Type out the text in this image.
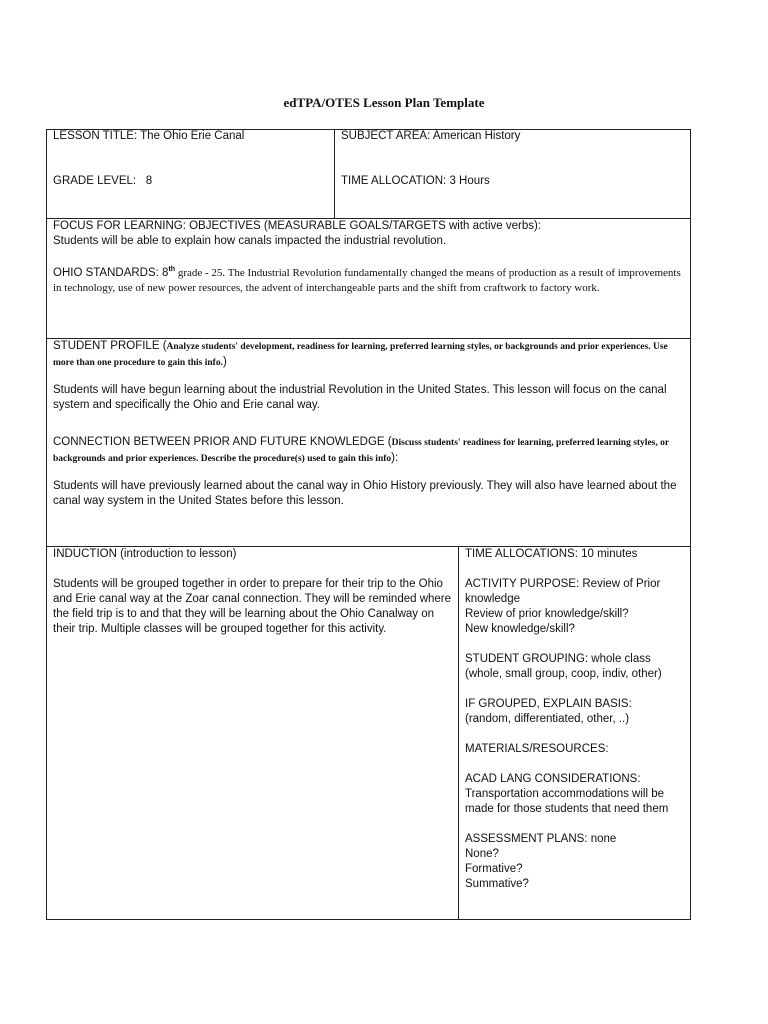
edTPA/OTES Lesson Plan Template
LESSON TITLE: The Ohio Erie Canal
GRADE LEVEL: 8
SUBJECT AREA: American History
TIME ALLOCATION: 3 Hours

FOCUS FOR LEARNING: OBJECTIVES (MEASURABLE GOALS/TARGETS with active verbs):

Students will be able to explain how canals impacted the industrial revolution.

OHIO STANDARDS: 8th grade - 25. The Industrial Revolution fundamentally changed the means of production as a result of improvements in technology, use of new power resources, the advent of interchangeable parts and the shift from craftwork to factory work.

STUDENT PROFILE (Analyze students' development, readiness for learning, preferred learning styles, or backgrounds and prior experiences. Use more than one procedure to gain this info.)

Students will have begun learning about the industrial Revolution in the United States. This lesson will focus on the canal system and specifically the Ohio and Erie canal way.

CONNECTION BETWEEN PRIOR AND FUTURE KNOWLEDGE (Discuss students' readiness for learning, preferred learning styles, or backgrounds and prior experiences. Describe the procedure(s) used to gain this info):

Students will have previously learned about the canal way in Ohio History previously. They will also have learned about the canal way system in the United States before this lesson.

INDUCTION (introduction to lesson)

Students will be grouped together in order to prepare for their trip to the Ohio and Erie canal way at the Zoar canal connection. They will be reminded where the field trip is to and that they will be learning about the Ohio Canalway on their trip. Multiple classes will be grouped together for this activity.

TIME ALLOCATIONS: 10 minutes

ACTIVITY PURPOSE: Review of Prior knowledge

Review of prior knowledge/skill?

New knowledge/skill?

STUDENT GROUPING: whole class

(whole, small group, coop, indiv, other)

IF GROUPED, EXPLAIN BASIS:

(random, differentiated, other, ..)

MATERIALS/RESOURCES:

ACAD LANG CONSIDERATIONS:

Transportation accommodations will be made for those students that need them

ASSESSMENT PLANS: none

None?

Formative?

Summative?
